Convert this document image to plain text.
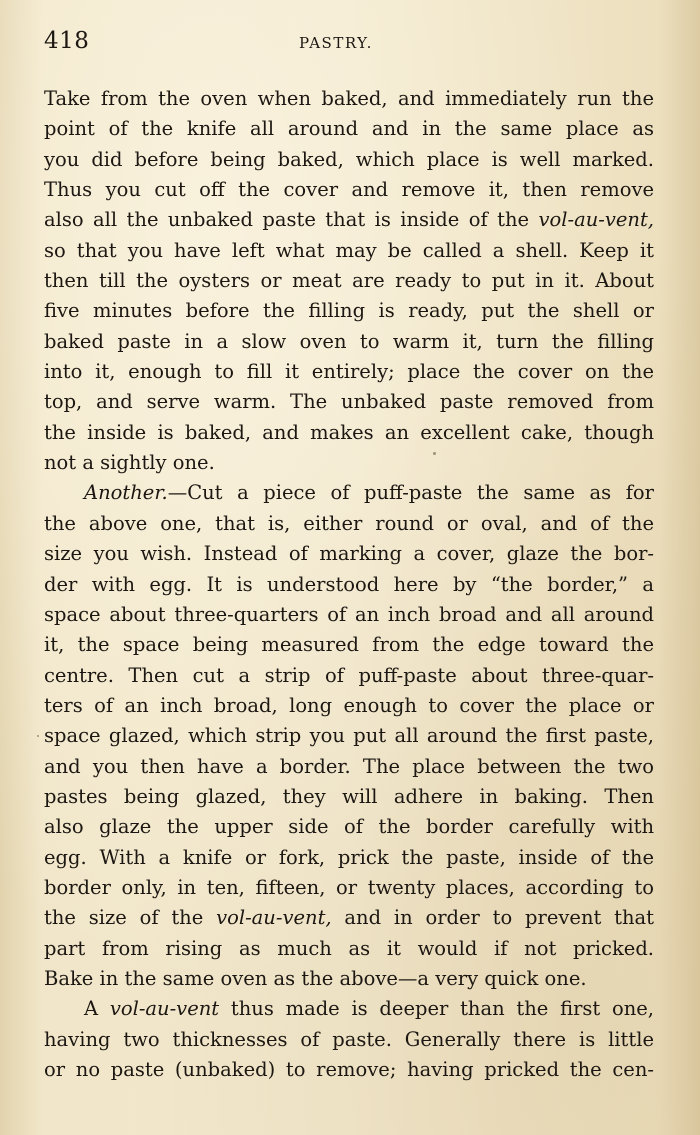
418	PASTRY.
Take from the oven when baked, and immediately run the
point of the knife all around and in the same place as
you did before being baked, which place is well marked.
Thus you cut off the cover and remove it, then remove
also all the unbaked paste that is inside of the vol-au-vent,
so that you have left what may be called a shell. Keep it
then till the oysters or meat are ready to put in it. About
five minutes before the filling is ready, put the shell or
baked paste in a slow oven to warm it, turn the filling
into it, enough to fill it entirely; place the cover on the
top, and serve warm. The unbaked paste removed from
the inside is baked, and makes an excellent cake, though
not a sightly one.
Another.—Cut a piece of puff-paste the same as for
the above one, that is, either round or oval, and of the
size you wish. Instead of marking a cover, glaze the bor-
der with egg. It is understood here by “the border,” a
space about three-quarters of an inch broad and all around
it, the space being measured from the edge toward the
centre. Then cut a strip of puff-paste about three-quar-
ters of an inch broad, long enough to cover the place or
space glazed, which strip you put all around the first paste,
and you then have a border. The place between the two
pastes being glazed, they will adhere in baking. Then
also glaze the upper side of the border carefully with
egg. With a knife or fork, prick the paste, inside of the
border only, in ten, fifteen, or twenty places, according to
the size of the vol-au-vent, and in order to prevent that
part from rising as much as it would if not pricked.
Bake in the same oven as the above—a very quick one.
A vol-au-vent thus made is deeper than the first one,
having two thicknesses of paste. Generally there is little
or no paste (unbaked) to remove; having pricked the cen-
